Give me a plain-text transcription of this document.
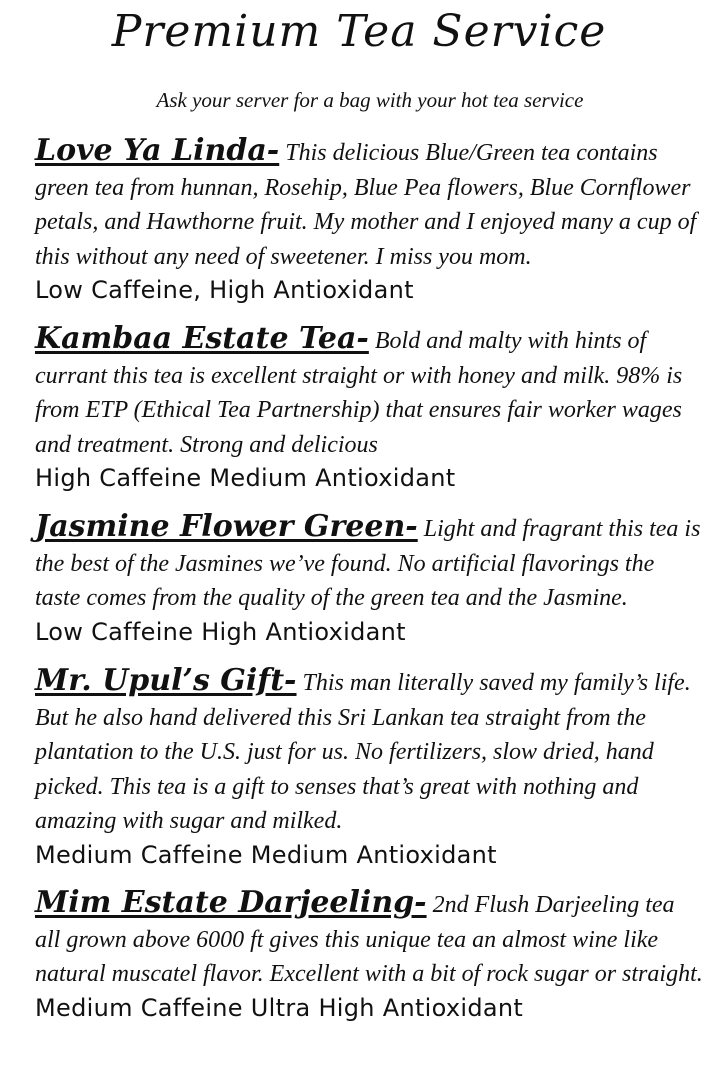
Premium Tea Service
Ask your server for a bag with your hot tea service

Love Ya Linda- This delicious Blue/Green tea contains green tea from hunnan, Rosehip, Blue Pea flowers, Blue Cornflower petals, and Hawthorne fruit. My mother and I enjoyed many a cup of this without any need of sweetener. I miss you mom.

Low Caffeine, High Antioxidant

Kambaa Estate Tea- Bold and malty with hints of currant this tea is excellent straight or with honey and milk. 98% is from ETP (Ethical Tea Partnership) that ensures fair worker wages and treatment. Strong and delicious

High Caffeine Medium Antioxidant

Jasmine Flower Green- Light and fragrant this tea is the best of the Jasmines we’ve found. No artificial flavorings the taste comes from the quality of the green tea and the Jasmine.

Low Caffeine High Antioxidant

Mr. Upul’s Gift- This man literally saved my family’s life. But he also hand delivered this Sri Lankan tea straight from the plantation to the U.S. just for us. No fertilizers, slow dried, hand picked. This tea is a gift to senses that’s great with nothing and amazing with sugar and milked.

Medium Caffeine Medium Antioxidant

Mim Estate Darjeeling- 2nd Flush Darjeeling tea all grown above 6000 ft gives this unique tea an almost wine like natural muscatel flavor. Excellent with a bit of rock sugar or straight.

Medium Caffeine Ultra High Antioxidant
